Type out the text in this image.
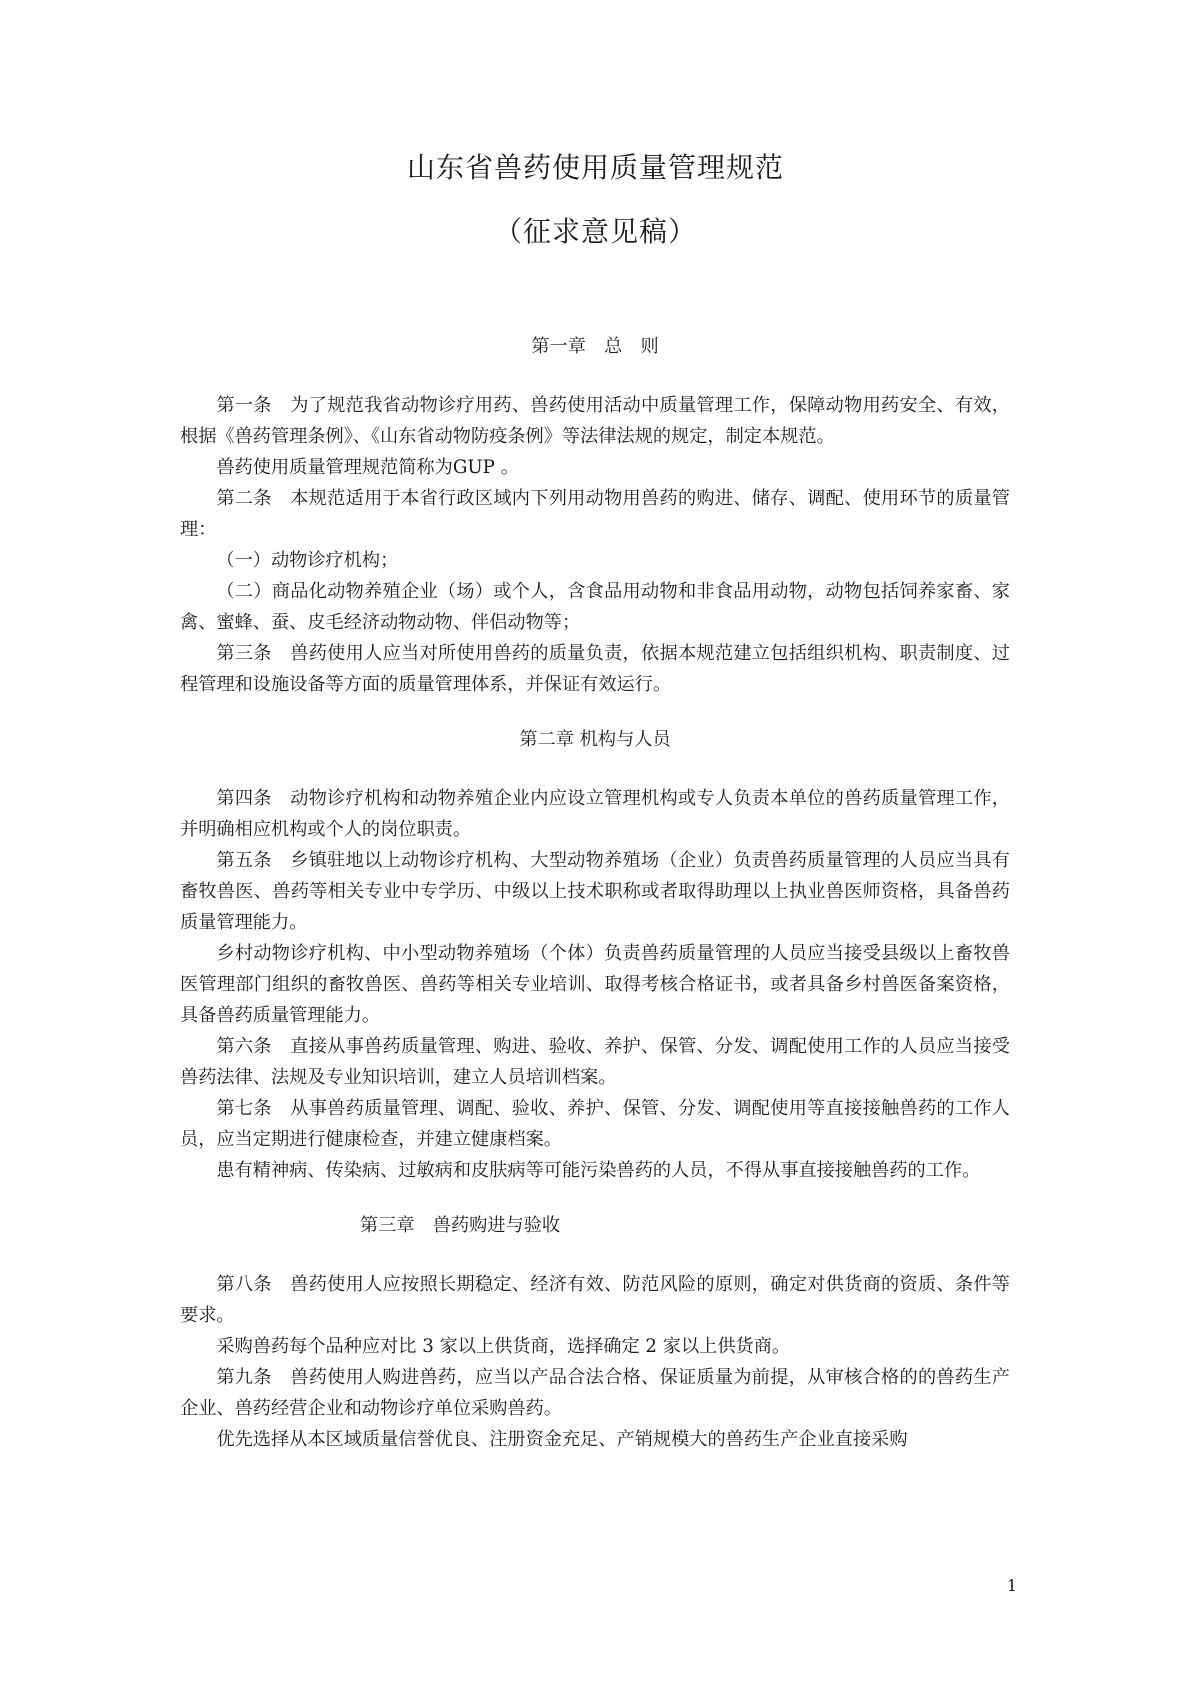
山东省兽药使用质量管理规范
（征求意见稿）
第一章　总　则

第一条　为了规范我省动物诊疗用药、兽药使用活动中质量管理工作，保障动物用药安全、有效，根据《兽药管理条例》、《山东省动物防疫条例》等法律法规的规定，制定本规范。

兽药使用质量管理规范简称为GUP 。

第二条　本规范适用于本省行政区域内下列用动物用兽药的购进、储存、调配、使用环节的质量管理：

（一）动物诊疗机构；

（二）商品化动物养殖企业（场）或个人，含食品用动物和非食品用动物，动物包括饲养家畜、家禽、蜜蜂、蚕、皮毛经济动物动物、伴侣动物等；

第三条　兽药使用人应当对所使用兽药的质量负责，依据本规范建立包括组织机构、职责制度、过程管理和设施设备等方面的质量管理体系，并保证有效运行。

第二章 机构与人员

第四条　动物诊疗机构和动物养殖企业内应设立管理机构或专人负责本单位的兽药质量管理工作，并明确相应机构或个人的岗位职责。

第五条　乡镇驻地以上动物诊疗机构、大型动物养殖场（企业）负责兽药质量管理的人员应当具有畜牧兽医、兽药等相关专业中专学历、中级以上技术职称或者取得助理以上执业兽医师资格，具备兽药质量管理能力。

乡村动物诊疗机构、中小型动物养殖场（个体）负责兽药质量管理的人员应当接受县级以上畜牧兽医管理部门组织的畜牧兽医、兽药等相关专业培训、取得考核合格证书，或者具备乡村兽医备案资格，具备兽药质量管理能力。

第六条　直接从事兽药质量管理、购进、验收、养护、保管、分发、调配使用工作的人员应当接受兽药法律、法规及专业知识培训，建立人员培训档案。

第七条　从事兽药质量管理、调配、验收、养护、保管、分发、调配使用等直接接触兽药的工作人员，应当定期进行健康检查，并建立健康档案。

患有精神病、传染病、过敏病和皮肤病等可能污染兽药的人员，不得从事直接接触兽药的工作。

第三章　兽药购进与验收

第八条　兽药使用人应按照长期稳定、经济有效、防范风险的原则，确定对供货商的资质、条件等要求。

采购兽药每个品种应对比 3 家以上供货商，选择确定 2 家以上供货商。

第九条　兽药使用人购进兽药，应当以产品合法合格、保证质量为前提，从审核合格的的兽药生产企业、兽药经营企业和动物诊疗单位采购兽药。

优先选择从本区域质量信誉优良、注册资金充足、产销规模大的兽药生产企业直接采购

1
